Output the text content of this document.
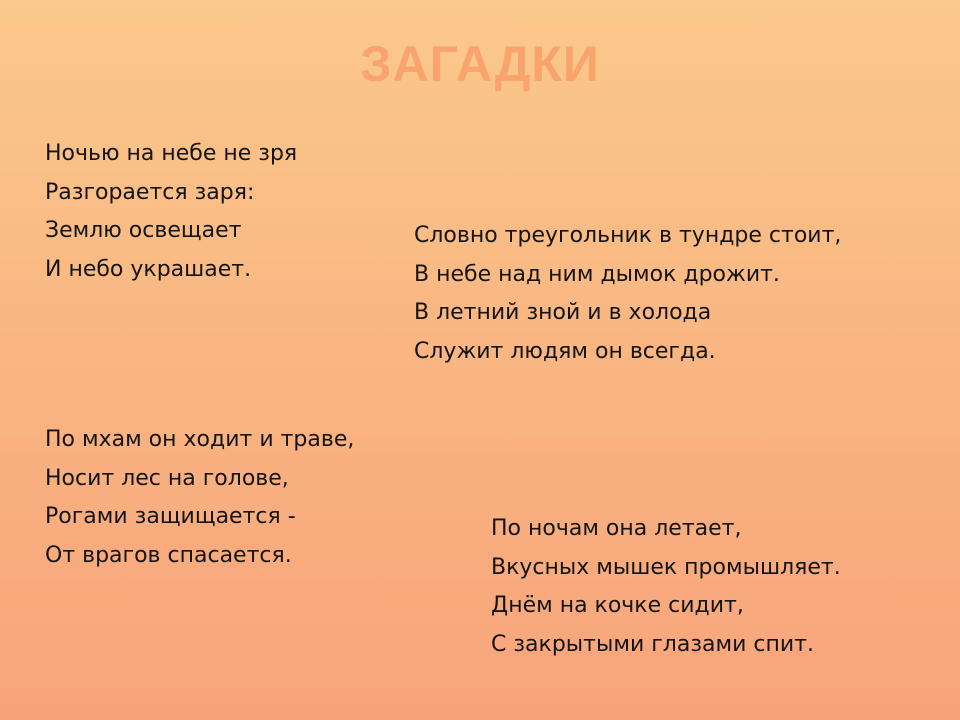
ЗАГАДКИ
Ночью на небе не зря
Разгорается заря:
Землю освещает
И небо украшает.
Словно треугольник в тундре стоит,
В небе над ним дымок дрожит.
В летний зной и в холода
Служит людям он всегда.
По мхам он ходит и траве,
Носит лес на голове,
Рогами защищается -
От врагов спасается.
По ночам она летает,
Вкусных мышек промышляет.
Днём на кочке сидит,
С закрытыми глазами спит.
